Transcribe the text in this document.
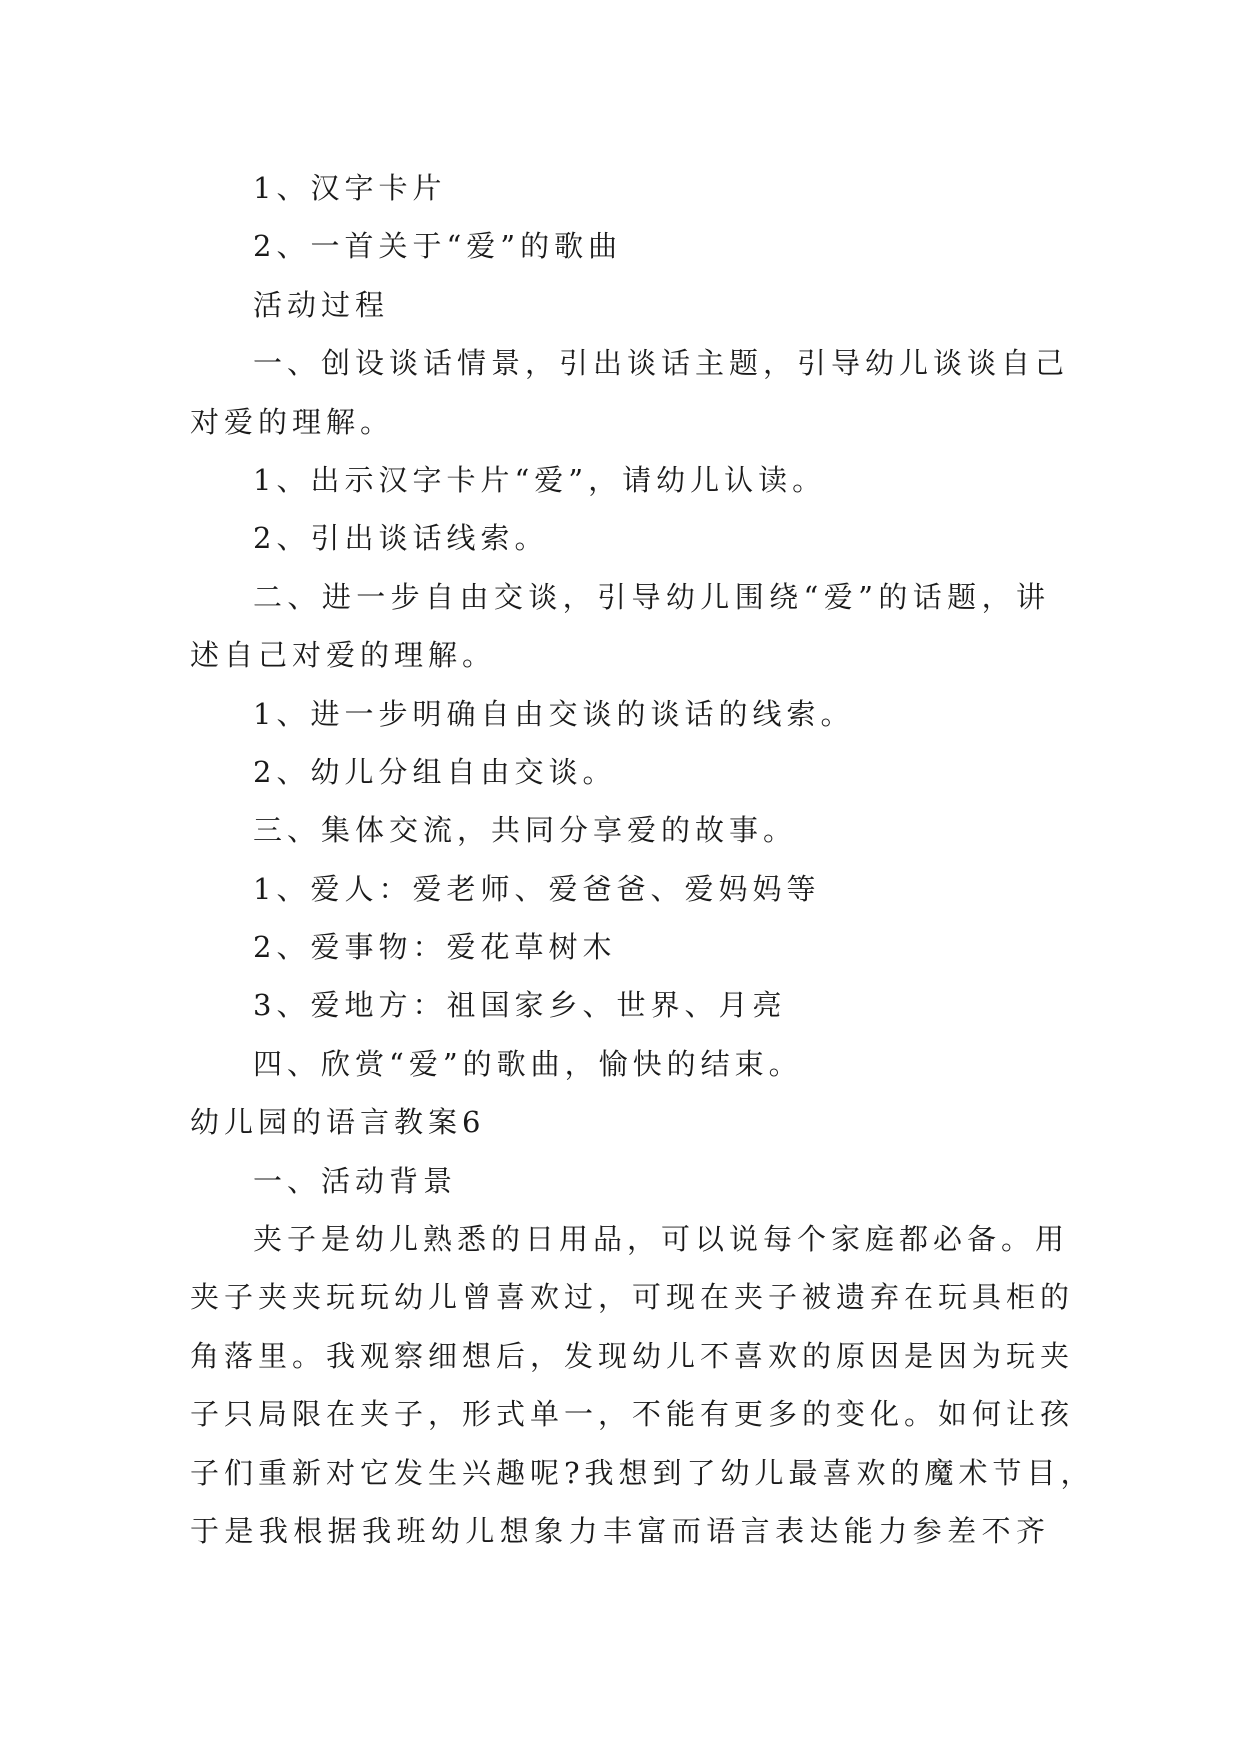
1、汉字卡片
2、一首关于“爱”的歌曲
活动过程
一、创设谈话情景，引出谈话主题，引导幼儿谈谈自己
对爱的理解。
1、出示汉字卡片“爱”，请幼儿认读。
2、引出谈话线索。
二、进一步自由交谈，引导幼儿围绕“爱”的话题，讲
述自己对爱的理解。
1、进一步明确自由交谈的谈话的线索。
2、幼儿分组自由交谈。
三、集体交流，共同分享爱的故事。
1、爱人：爱老师、爱爸爸、爱妈妈等
2、爱事物：爱花草树木
3、爱地方：祖国家乡、世界、月亮
四、欣赏“爱”的歌曲，愉快的结束。
幼儿园的语言教案6
一、活动背景
夹子是幼儿熟悉的日用品，可以说每个家庭都必备。用
夹子夹夹玩玩幼儿曾喜欢过，可现在夹子被遗弃在玩具柜的
角落里。我观察细想后，发现幼儿不喜欢的原因是因为玩夹
子只局限在夹子，形式单一，不能有更多的变化。如何让孩
子们重新对它发生兴趣呢?我想到了幼儿最喜欢的魔术节目，
于是我根据我班幼儿想象力丰富而语言表达能力参差不齐
